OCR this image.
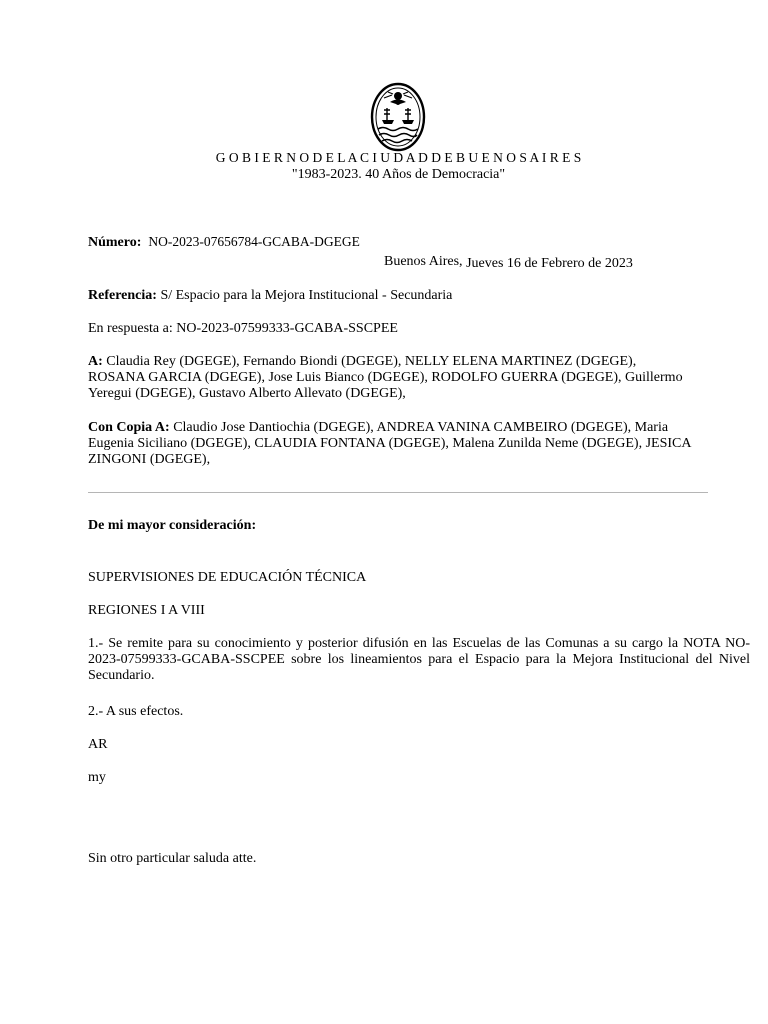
G O B I E R N O D E L A C I U D A D D E B U E N O S A I R E S
"1983-2023. 40 Años de Democracia"
Número: NO-2023-07656784-GCABA-DGEGE
Buenos Aires, Jueves 16 de Febrero de 2023
Referencia: S/ Espacio para la Mejora Institucional - Secundaria
En respuesta a: NO-2023-07599333-GCABA-SSCPEE
A: Claudia Rey (DGEGE), Fernando Biondi (DGEGE), NELLY ELENA MARTINEZ (DGEGE), ROSANA GARCIA (DGEGE), Jose Luis Bianco (DGEGE), RODOLFO GUERRA (DGEGE), Guillermo Yeregui (DGEGE), Gustavo Alberto Allevato (DGEGE),
Con Copia A: Claudio Jose Dantiochia (DGEGE), ANDREA VANINA CAMBEIRO (DGEGE), Maria Eugenia Siciliano (DGEGE), CLAUDIA FONTANA (DGEGE), Malena Zunilda Neme (DGEGE), JESICA ZINGONI (DGEGE),
De mi mayor consideración:
SUPERVISIONES DE EDUCACIÓN TÉCNICA
REGIONES I A VIII
1.- Se remite para su conocimiento y posterior difusión en las Escuelas de las Comunas a su cargo la NOTA NO-2023-07599333-GCABA-SSCPEE sobre los lineamientos para el Espacio para la Mejora Institucional del Nivel Secundario.
2.- A sus efectos.
AR
my
Sin otro particular saluda atte.
